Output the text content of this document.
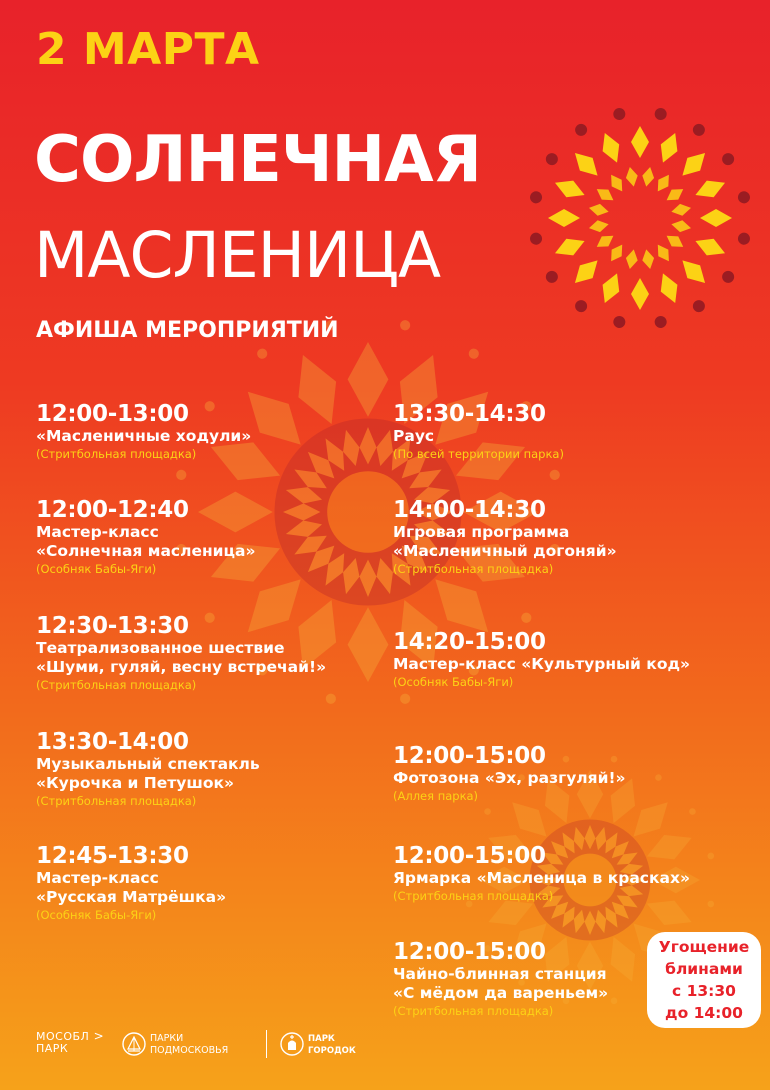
2 МАРТА
СОЛНЕЧНАЯ
МАСЛЕНИЦА
АФИША МЕРОПРИЯТИЙ
12:00-13:00
«Масленичные ходули»
(Стритбольная площадка)
12:00-12:40
Мастер-класс
«Солнечная масленица»
(Особняк Бабы-Яги)
12:30-13:30
Театрализованное шествие
«Шуми, гуляй, весну встречай!»
(Стритбольная площадка)
13:30-14:00
Музыкальный спектакль
«Курочка и Петушок»
(Стритбольная площадка)
12:45-13:30
Мастер-класс
«Русская Матрёшка»
(Особняк Бабы-Яги)
13:30-14:30
Раус
(По всей территории парка)
14:00-14:30
Игровая программа
«Масленичный догоняй»
(Стритбольная площадка)
14:20-15:00
Мастер-класс «Культурный код»
(Особняк Бабы-Яги)
12:00-15:00
Фотозона «Эх, разгуляй!»
(Аллея парка)
12:00-15:00
Ярмарка «Масленица в красках»
(Стритбольная площадка)
12:00-15:00
Чайно-блинная станция
«С мёдом да вареньем»
(Стритбольная площадка)
Угощение
блинами
с 13:30
до 14:00
МОСОБЛ >
ПАРК
ПАРКИ
ПОДМОСКОВЬЯ
ПАРК
ГОРОДОК
